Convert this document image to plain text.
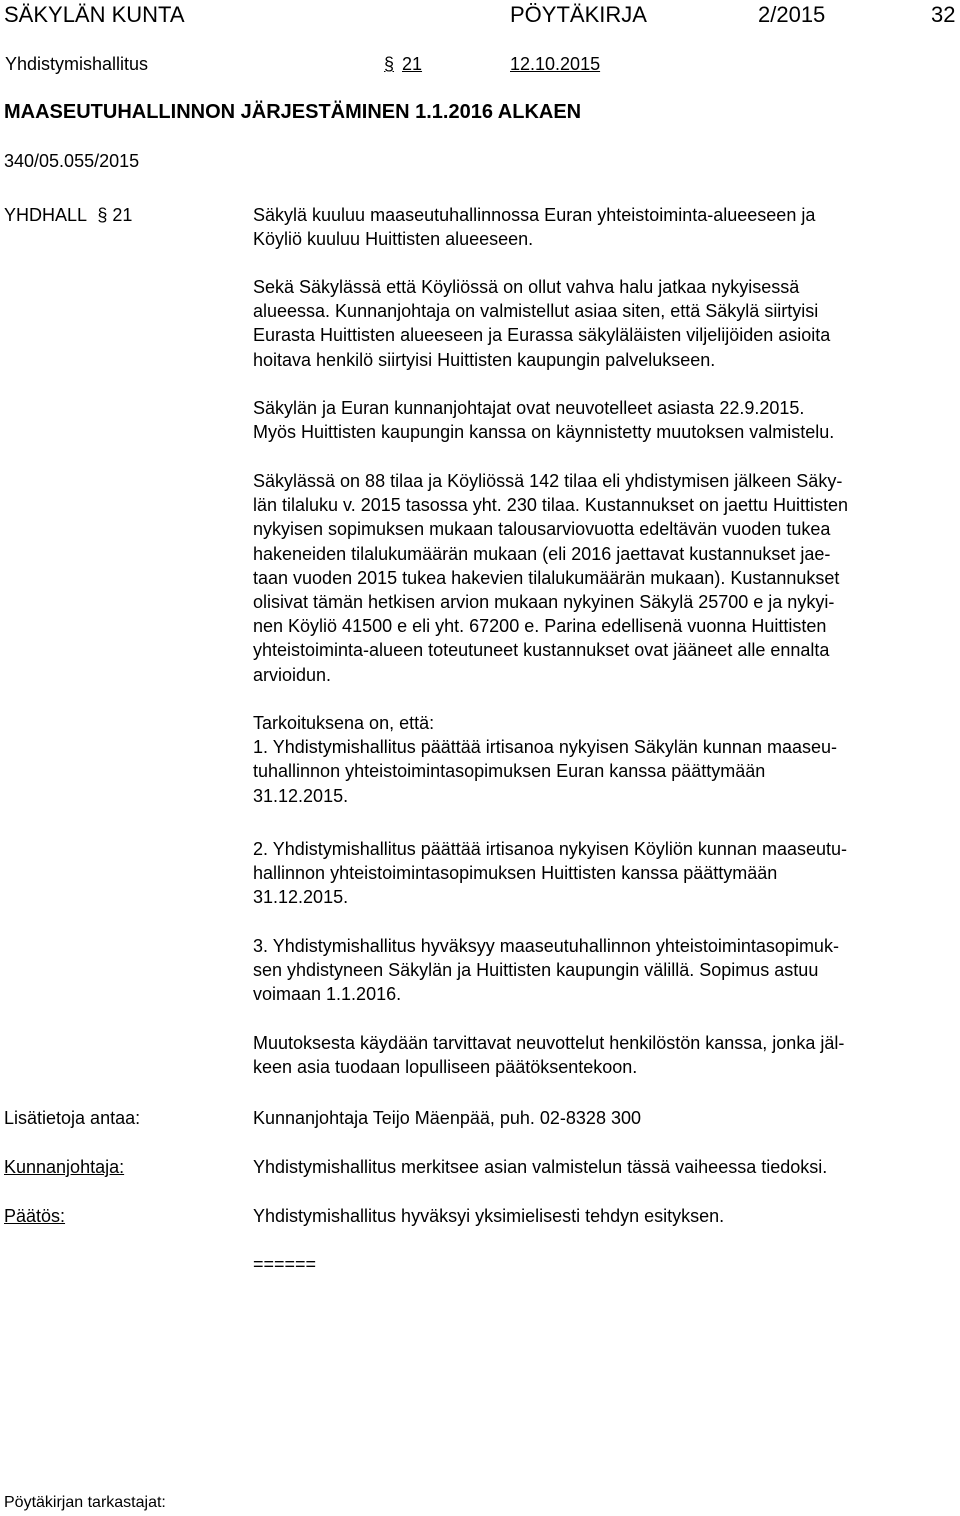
SÄKYLÄN KUNTA	PÖYTÄKIRJA	2/2015	32
Yhdistymishallitus	§ 21	12.10.2015
MAASEUTUHALLINNON JÄRJESTÄMINEN 1.1.2016 ALKAEN
340/05.055/2015
YHDHALL § 21	Säkylä kuuluu maaseutuhallinnossa Euran yhteistoiminta-alueeseen ja
Köyliö kuuluu Huittisten alueeseen.

Sekä Säkylässä että Köyliössä on ollut vahva halu jatkaa nykyisessä
alueessa. Kunnanjohtaja on valmistellut asiaa siten, että Säkylä siirtyisi
Eurasta Huittisten alueeseen ja Eurassa säkyläläisten viljelijöiden asioita
hoitava henkilö siirtyisi Huittisten kaupungin palvelukseen.

Säkylän ja Euran kunnanjohtajat ovat neuvotelleet asiasta 22.9.2015.
Myös Huittisten kaupungin kanssa on käynnistetty muutoksen valmistelu.

Säkylässä on 88 tilaa ja Köyliössä 142 tilaa eli yhdistymisen jälkeen Säky-
län tilaluku v. 2015 tasossa yht. 230 tilaa. Kustannukset on jaettu Huittisten
nykyisen sopimuksen mukaan talousarviovuotta edeltävän vuoden tukea
hakeneiden tilalukumäärän mukaan (eli 2016 jaettavat kustannukset jae-
taan vuoden 2015 tukea hakevien tilalukumäärän mukaan). Kustannukset
olisivat tämän hetkisen arvion mukaan nykyinen Säkylä 25700 e ja nykyi-
nen Köyliö 41500 e eli yht. 67200 e. Parina edellisenä vuonna Huittisten
yhteistoiminta-alueen toteutuneet kustannukset ovat jääneet alle ennalta
arvioidun.

Tarkoituksena on, että:
1. Yhdistymishallitus päättää irtisanoa nykyisen Säkylän kunnan maaseu-
tuhallinnon yhteistoimintasopimuksen Euran kanssa päättymään
31.12.2015.

2. Yhdistymishallitus päättää irtisanoa nykyisen Köyliön kunnan maaseutu-
hallinnon yhteistoimintasopimuksen Huittisten kanssa päättymään
31.12.2015.

3. Yhdistymishallitus hyväksyy maaseutuhallinnon yhteistoimintasopimuk-
sen yhdistyneen Säkylän ja Huittisten kaupungin välillä. Sopimus astuu
voimaan 1.1.2016.

Muutoksesta käydään tarvittavat neuvottelut henkilöstön kanssa, jonka jäl-
keen asia tuodaan lopulliseen päätöksentekoon.

Lisätietoja antaa:	Kunnanjohtaja Teijo Mäenpää, puh. 02-8328 300
Kunnanjohtaja:	Yhdistymishallitus merkitsee asian valmistelun tässä vaiheessa tiedoksi.
Päätös:	Yhdistymishallitus hyväksyi yksimielisesti tehdyn esityksen.
======
Pöytäkirjan tarkastajat:
